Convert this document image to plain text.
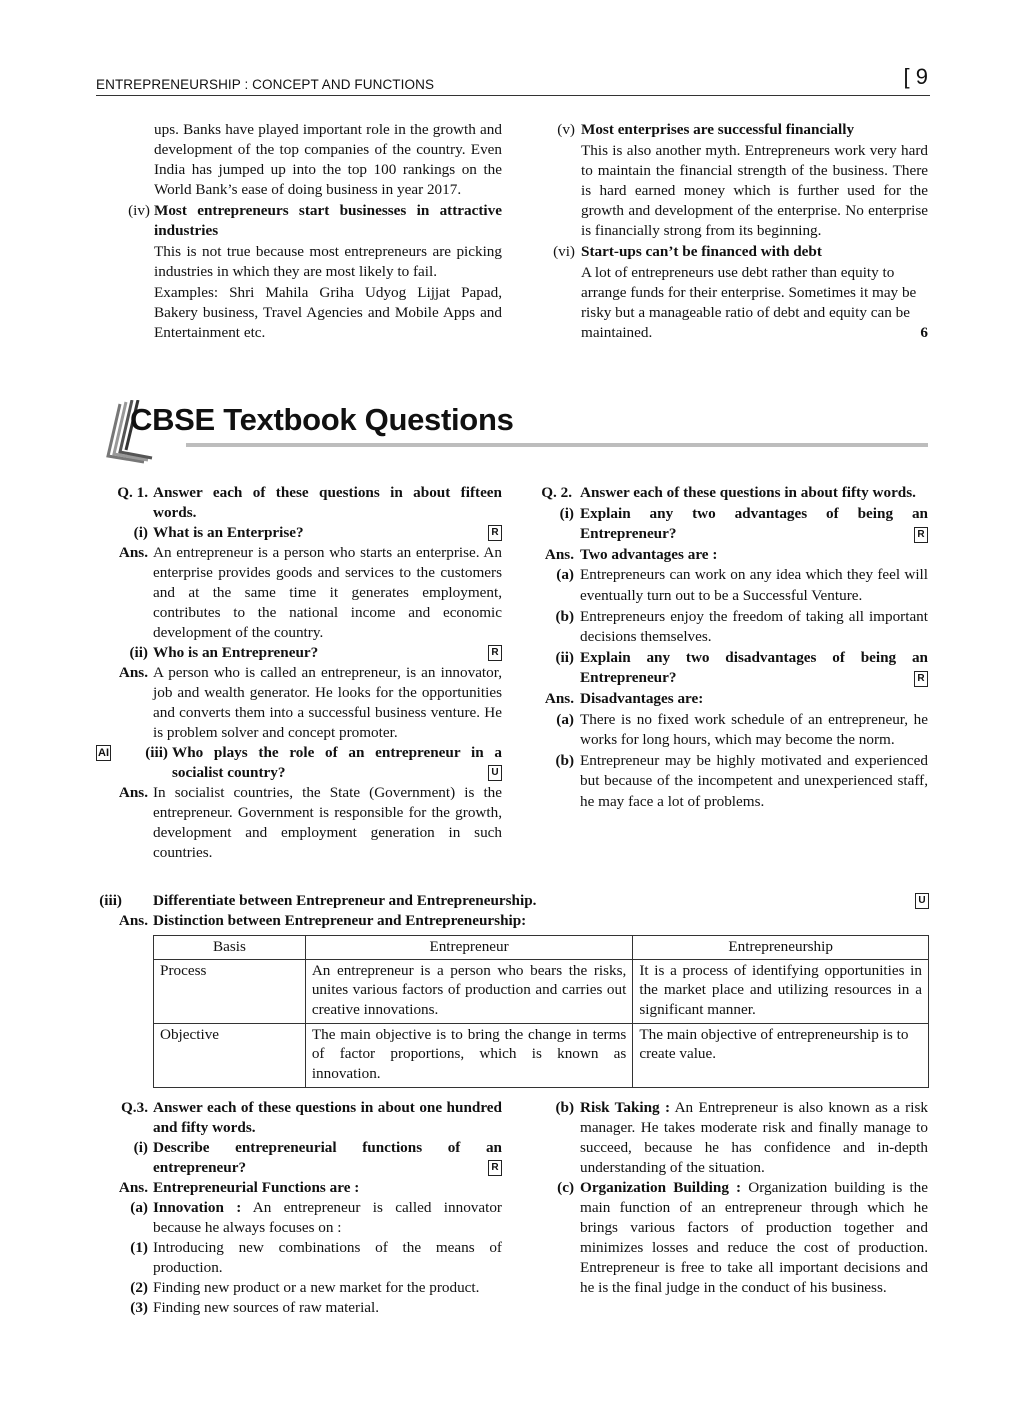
ENTREPRENEURSHIP : CONCEPT AND FUNCTIONS	[ 9
ups. Banks have played important role in the growth and development of the top companies of the country. Even India has jumped up into the top 100 rankings on the World Bank’s ease of doing business in year 2017.
(iv) Most entrepreneurs start businesses in attractive industries
This is not true because most entrepreneurs are picking industries in which they are most likely to fail.
Examples: Shri Mahila Griha Udyog Lijjat Papad, Bakery business, Travel Agencies and Mobile Apps and Entertainment etc.
(v) Most enterprises are successful financially
This is also another myth. Entrepreneurs work very hard to maintain the financial strength of the business. There is hard earned money which is further used for the growth and development of the enterprise. No enterprise is financially strong from its beginning.
(vi) Start-ups can’t be financed with debt
A lot of entrepreneurs use debt rather than equity to arrange funds for their enterprise. Sometimes it may be risky but a manageable ratio of debt and equity can be maintained.	6
CBSE Textbook Questions
Q. 1. Answer each of these questions in about fifteen words.
(i) What is an Enterprise?	R
Ans. An entrepreneur is a person who starts an enterprise. An enterprise provides goods and services to the customers and at the same time it generates employment, contributes to the national income and economic development of the country.
(ii) Who is an Entrepreneur?	R
Ans. A person who is called an entrepreneur, is an innovator, job and wealth generator. He looks for the opportunities and converts them into a successful business venture. He is problem solver and concept promoter.
AI	(iii) Who plays the role of an entrepreneur in a socialist country?	U
Ans. In socialist countries, the State (Government) is the entrepreneur. Government is responsible for the growth, development and employment generation in such countries.
Q. 2. Answer each of these questions in about fifty words.
(i) Explain any two advantages of being an Entrepreneur?	R
Ans. Two advantages are :
(a) Entrepreneurs can work on any idea which they feel will eventually turn out to be a Successful Venture.
(b) Entrepreneurs enjoy the freedom of taking all important decisions themselves.
(ii) Explain any two disadvantages of being an Entrepreneur?	R
Ans. Disadvantages are:
(a) There is no fixed work schedule of an entrepreneur, he works for long hours, which may become the norm.
(b) Entrepreneur may be highly motivated and experienced but because of the incompetent and unexperienced staff, he may face a lot of problems.
(iii) Differentiate between Entrepreneur and Entrepreneurship.	U
Ans. Distinction between Entrepreneur and Entrepreneurship:
Basis	Entrepreneur	Entrepreneurship
Process	An entrepreneur is a person who bears the risks, unites various factors of production and carries out creative innovations.	It is a process of identifying opportunities in the market place and utilizing resources in a significant manner.
Objective	The main objective is to bring the change in terms of factor proportions, which is known as innovation.	The main objective of entrepreneurship is to create value.
Q.3. Answer each of these questions in about one hundred and fifty words.
(i) Describe entrepreneurial functions of an entrepreneur?	R
Ans. Entrepreneurial Functions are :
(a) Innovation : An entrepreneur is called innovator because he always focuses on :
(1) Introducing new combinations of the means of production.
(2) Finding new product or a new market for the product.
(3) Finding new sources of raw material.
(b) Risk Taking : An Entrepreneur is also known as a risk manager. He takes moderate risk and finally manage to succeed, because he has confidence and in-depth understanding of the situation.
(c) Organization Building : Organization building is the main function of an entrepreneur through which he brings various factors of production together and minimizes losses and reduce the cost of production. Entrepreneur is free to take all important decisions and he is the final judge in the conduct of his business.
